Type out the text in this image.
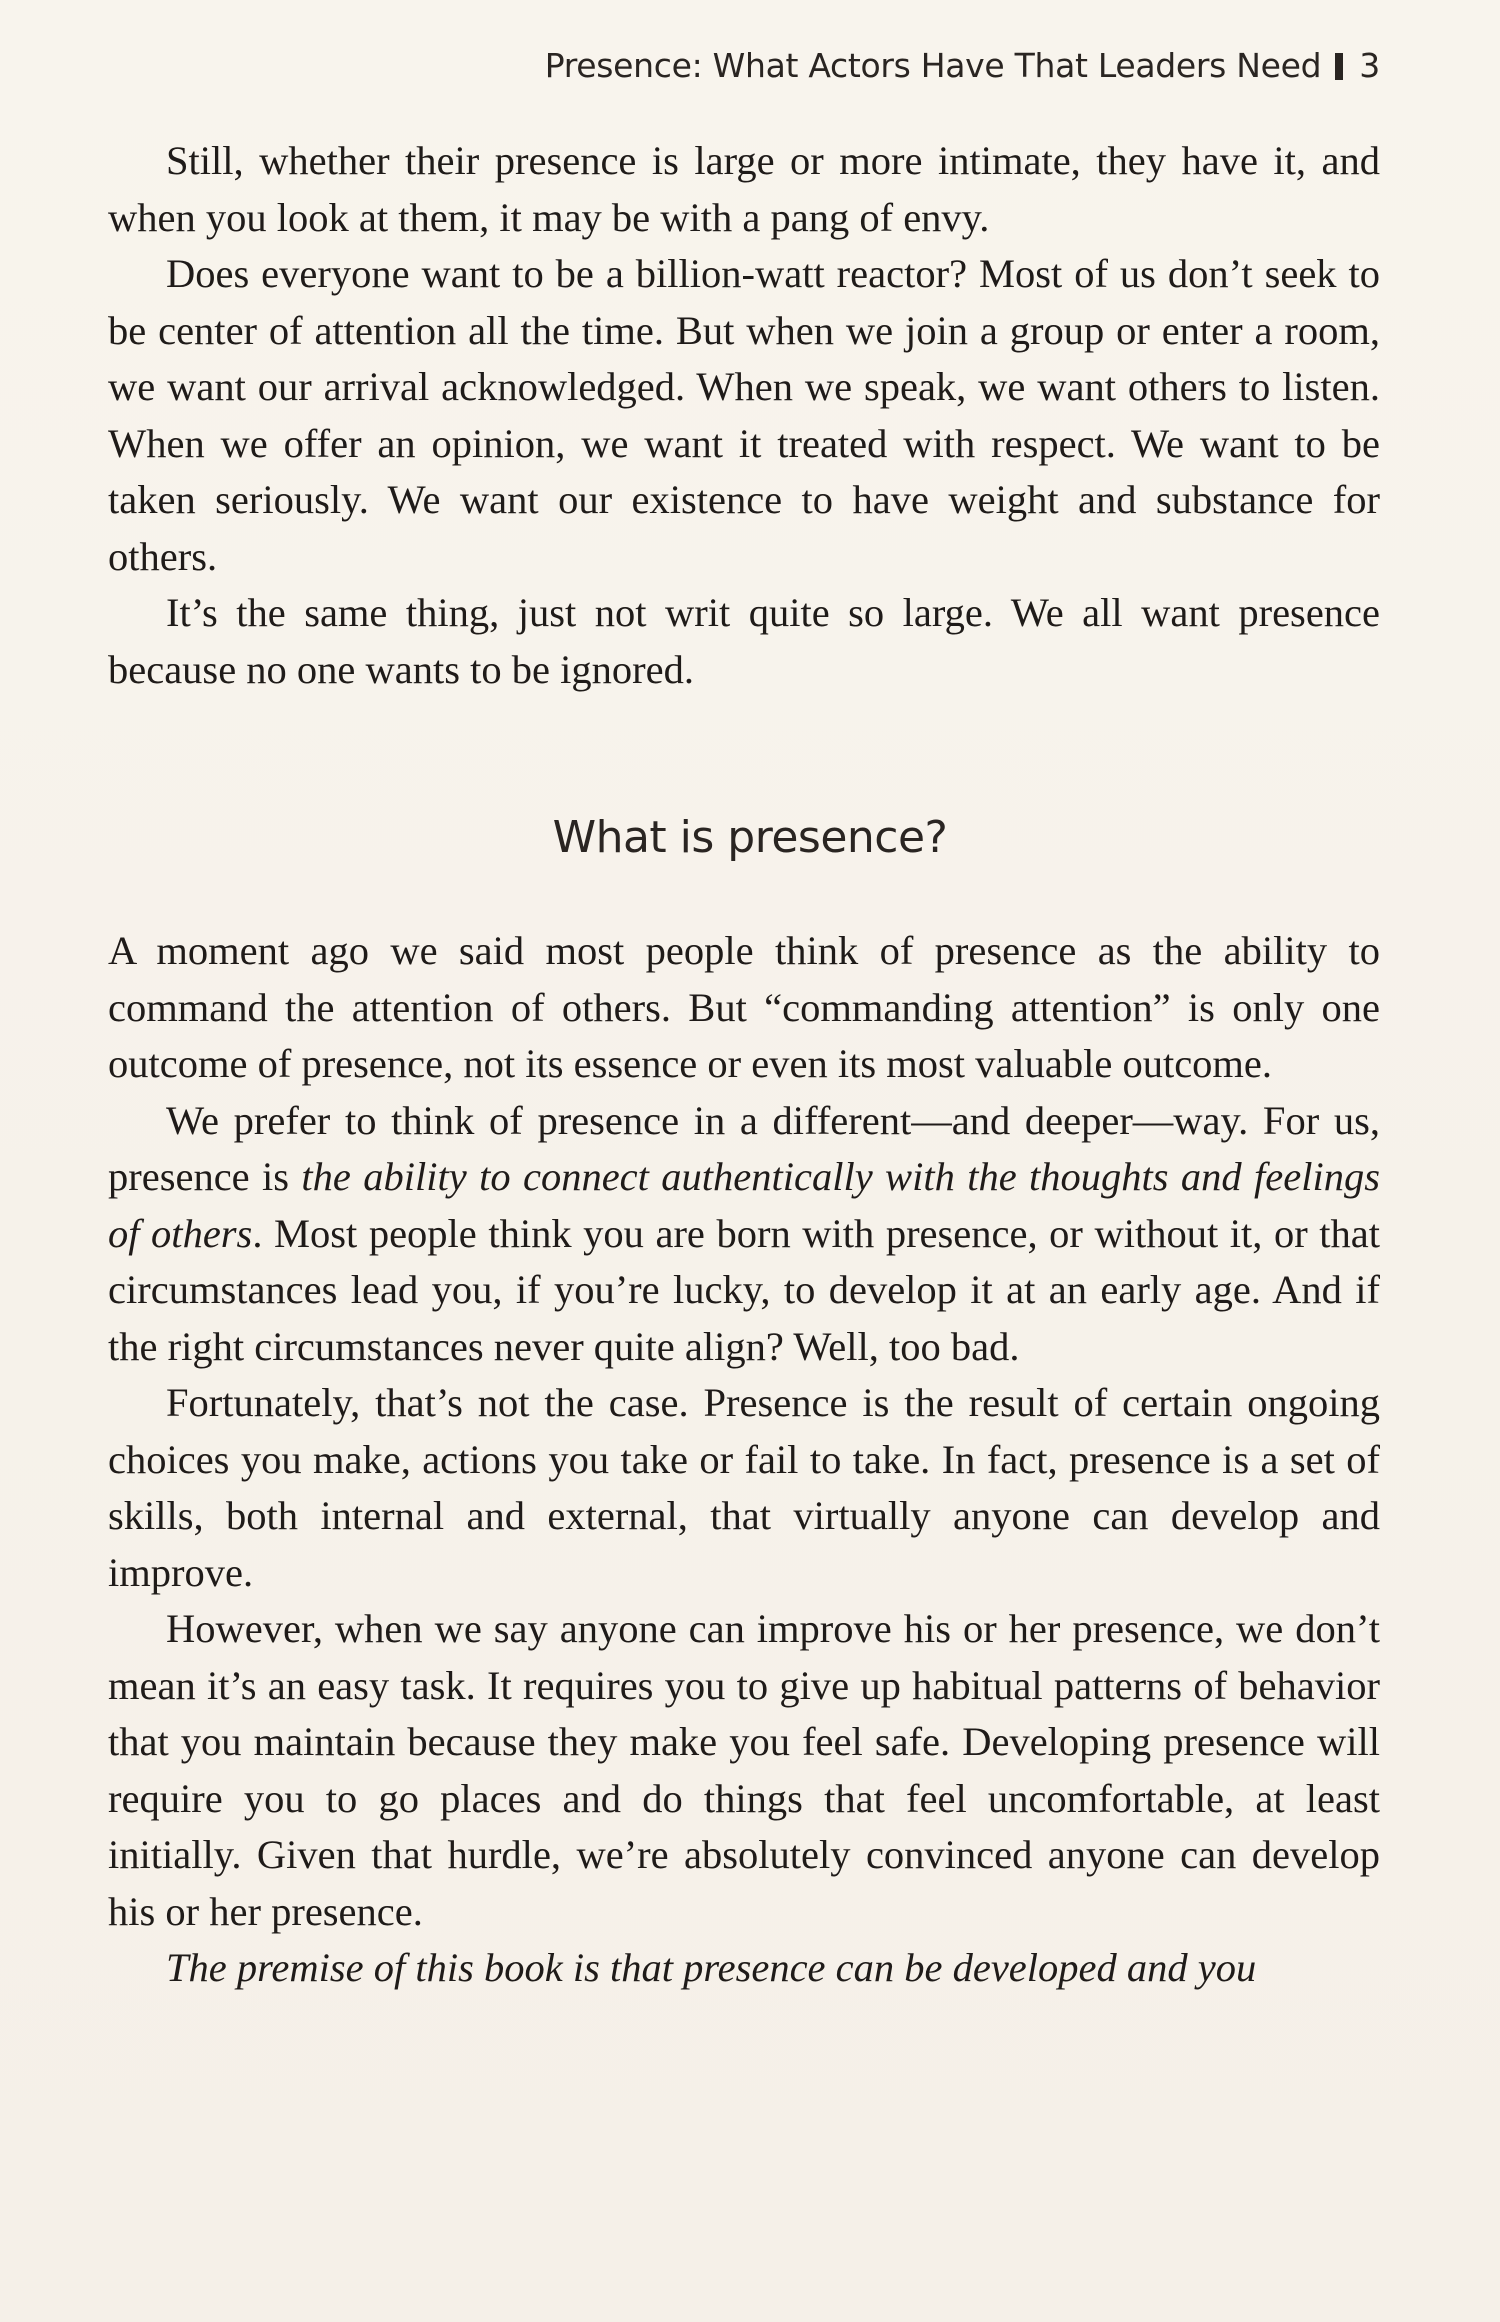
Presence: What Actors Have That Leaders Need 3

Still, whether their presence is large or more intimate, they have it, and when you look at them, it may be with a pang of envy.

Does everyone want to be a billion-watt reactor? Most of us don’t seek to be center of attention all the time. But when we join a group or enter a room, we want our arrival acknowledged. When we speak, we want others to listen. When we offer an opinion, we want it treated with respect. We want to be taken seriously. We want our existence to have weight and substance for others.

It’s the same thing, just not writ quite so large. We all want presence because no one wants to be ignored.

What is presence?

A moment ago we said most people think of presence as the ability to command the attention of others. But “commanding attention” is only one outcome of presence, not its essence or even its most valuable outcome.

We prefer to think of presence in a different—and deeper—way. For us, presence is the ability to connect authentically with the thoughts and feelings of others. Most people think you are born with presence, or without it, or that circumstances lead you, if you’re lucky, to develop it at an early age. And if the right circumstances never quite align? Well, too bad.

Fortunately, that’s not the case. Presence is the result of certain ongoing choices you make, actions you take or fail to take. In fact, presence is a set of skills, both internal and external, that virtually anyone can develop and improve.

However, when we say anyone can improve his or her presence, we don’t mean it’s an easy task. It requires you to give up habitual patterns of behavior that you maintain because they make you feel safe. Developing presence will require you to go places and do things that feel uncomfortable, at least initially. Given that hurdle, we’re absolutely convinced anyone can develop his or her presence.

The premise of this book is that presence can be developed and you
